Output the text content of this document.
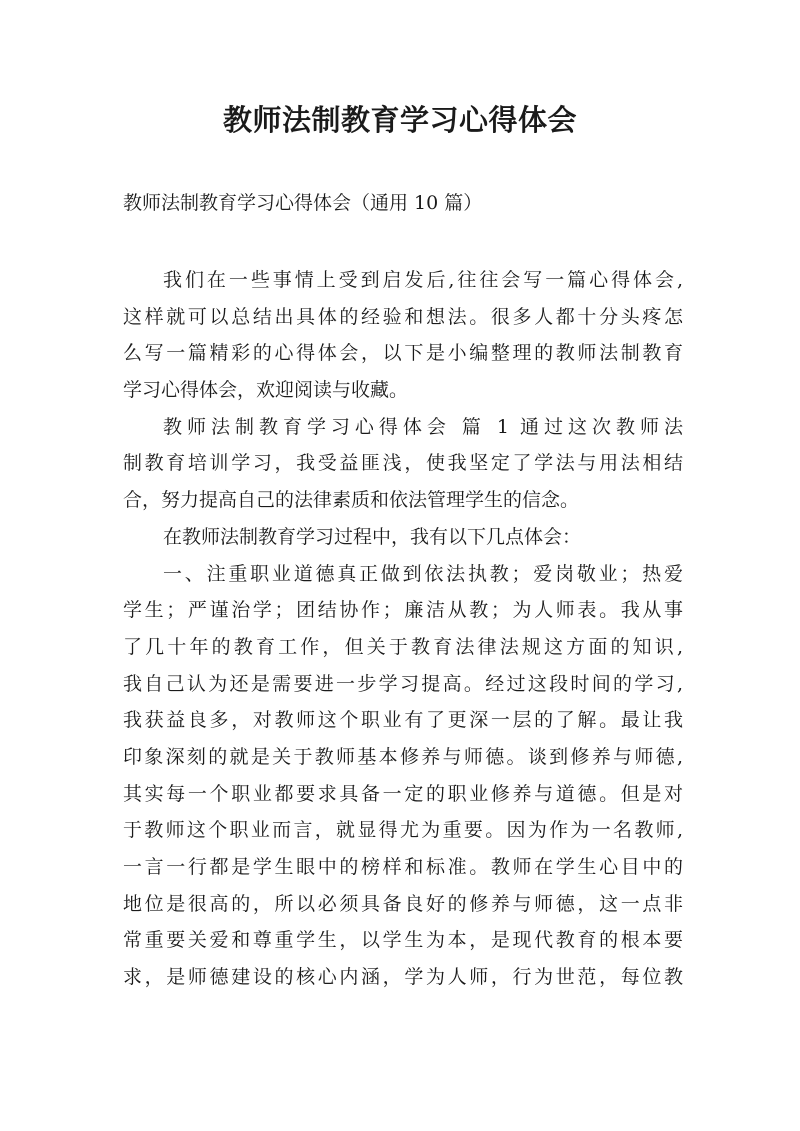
教师法制教育学习心得体会
教师法制教育学习心得体会（通用 10 篇）
我们在一些事情上受到启发后,往往会写一篇心得体会,
这样就可以总结出具体的经验和想法。很多人都十分头疼怎
么写一篇精彩的心得体会，以下是小编整理的教师法制教育
学习心得体会，欢迎阅读与收藏。
教师法制教育学习心得体会 篇 1 通过这次教师法
制教育培训学习，我受益匪浅，使我坚定了学法与用法相结
合，努力提高自己的法律素质和依法管理学生的信念。
在教师法制教育学习过程中，我有以下几点体会：
一、注重职业道德真正做到依法执教；爱岗敬业；热爱
学生；严谨治学；团结协作；廉洁从教；为人师表。我从事
了几十年的教育工作，但关于教育法律法规这方面的知识,
我自己认为还是需要进一步学习提高。经过这段时间的学习,
我获益良多，对教师这个职业有了更深一层的了解。最让我
印象深刻的就是关于教师基本修养与师德。谈到修养与师德,
其实每一个职业都要求具备一定的职业修养与道德。但是对
于教师这个职业而言，就显得尤为重要。因为作为一名教师,
一言一行都是学生眼中的榜样和标准。教师在学生心目中的
地位是很高的，所以必须具备良好的修养与师德，这一点非
常重要关爱和尊重学生，以学生为本，是现代教育的根本要
求，是师德建设的核心内涵，学为人师，行为世范，每位教
